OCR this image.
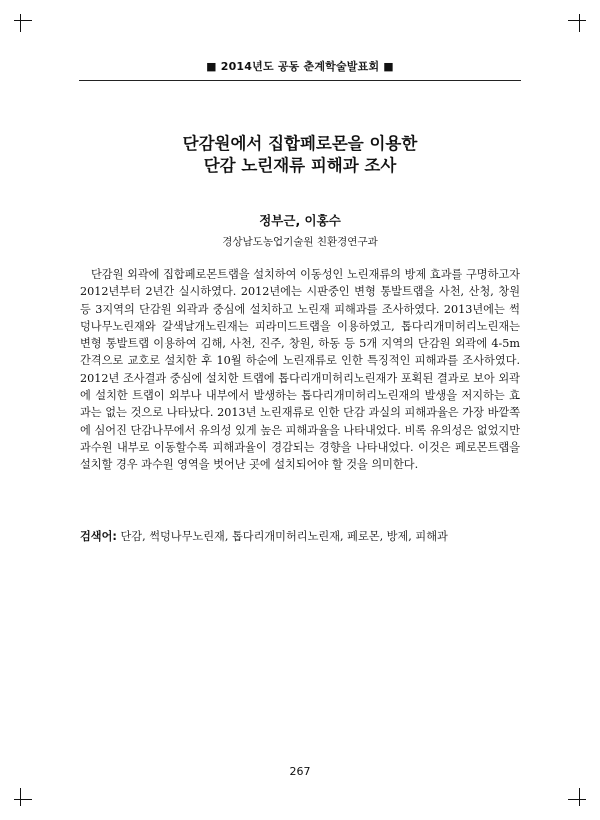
■ 2014년도 공동 춘계학술발표회 ■
단감원에서 집합페로몬을 이용한
단감 노린재류 피해과 조사
정부근, 이홍수
경상남도농업기술원 친환경연구과

단감원 외곽에 집합페로몬트랩을 설치하여 이동성인 노린재류의 방제 효과를 구명하고자 2012년부터 2년간 실시하였다. 2012년에는 시판중인 변형 통발트랩을 사천, 산청, 창원 등 3지역의 단감원 외곽과 중심에 설치하고 노린재 피해과를 조사하였다. 2013년에는 썩덩나무노린재와 갈색날개노린재는 피라미드트랩을 이용하였고, 톱다리개미허리노린재는 변형 통발트랩 이용하여 김해, 사천, 진주, 창원, 하동 등 5개 지역의 단감원 외곽에 4-5m 간격으로 교호로 설치한 후 10월 하순에 노린재류로 인한 특징적인 피해과를 조사하였다. 2012년 조사결과 중심에 설치한 트랩에 톱다리개미허리노린재가 포획된 결과로 보아 외곽에 설치한 트랩이 외부나 내부에서 발생하는 톱다리개미허리노린재의 발생을 저지하는 효과는 없는 것으로 나타났다. 2013년 노린재류로 인한 단감 과실의 피해과율은 가장 바깥쪽에 심어진 단감나무에서 유의성 있게 높은 피해과율을 나타내었다. 비록 유의성은 없었지만 과수원 내부로 이동할수록 피해과율이 경감되는 경향을 나타내었다. 이것은 페로몬트랩을 설치할 경우 과수원 영역을 벗어난 곳에 설치되어야 할 것을 의미한다.

검색어: 단감, 썩덩나무노린재, 톱다리개미허리노린재, 페로몬, 방제, 피해과
267
